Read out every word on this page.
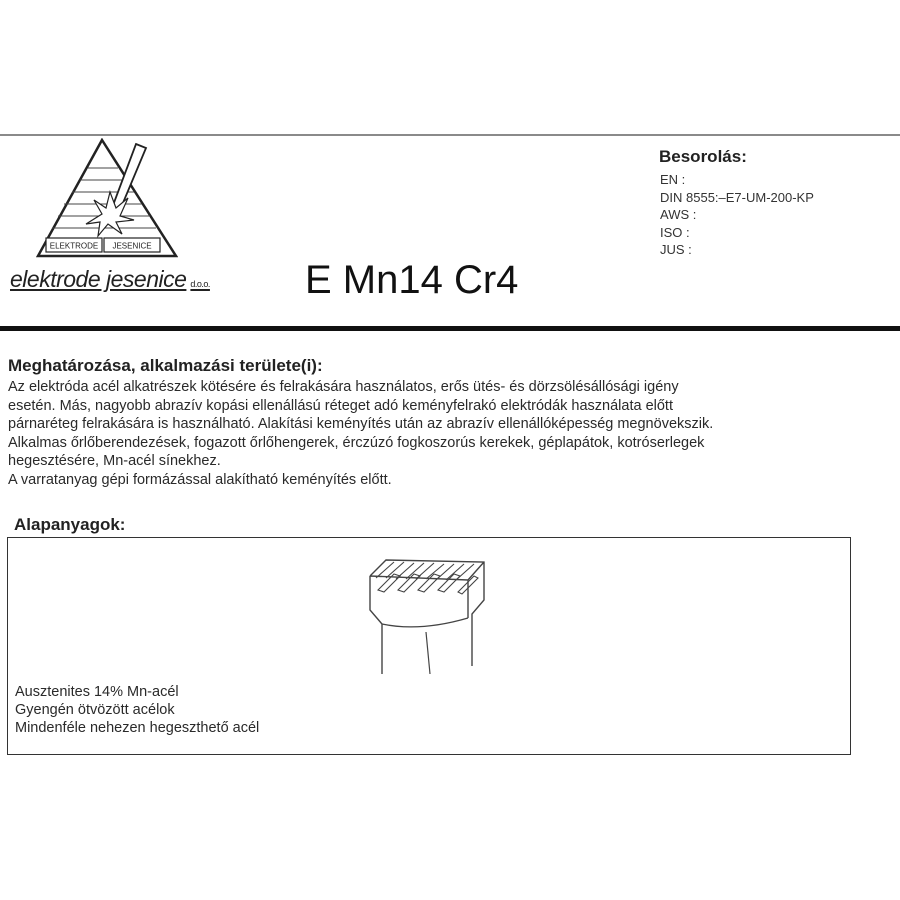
ELEKTRODE JESENICE
elektrode jesenice d.o.o. E Mn14 Cr4
Besorolás:
EN :
DIN 8555:–E7-UM-200-KP
AWS :
ISO :
JUS :
Meghatározása, alkalmazási területe(i):
Az elektróda acél alkatrészek kötésére és felrakására használatos, erős ütés- és dörzsölésállósági igény
esetén. Más, nagyobb abrazív kopási ellenállású réteget adó keményfelrakó elektródák használata előtt
párnaréteg felrakására is használható. Alakítási keményítés után az abrazív ellenállóképesség megnövekszik.
Alkalmas őrlőberendezések, fogazott őrlőhengerek, érczúzó fogkoszorús kerekek, géplapátok, kotróserlegek
hegesztésére, Mn-acél sínekhez.
A varratanyag gépi formázással alakítható keményítés előtt.
Alapanyagok:
Ausztenites 14% Mn-acél
Gyengén ötvözött acélok
Mindenféle nehezen hegeszthető acél
